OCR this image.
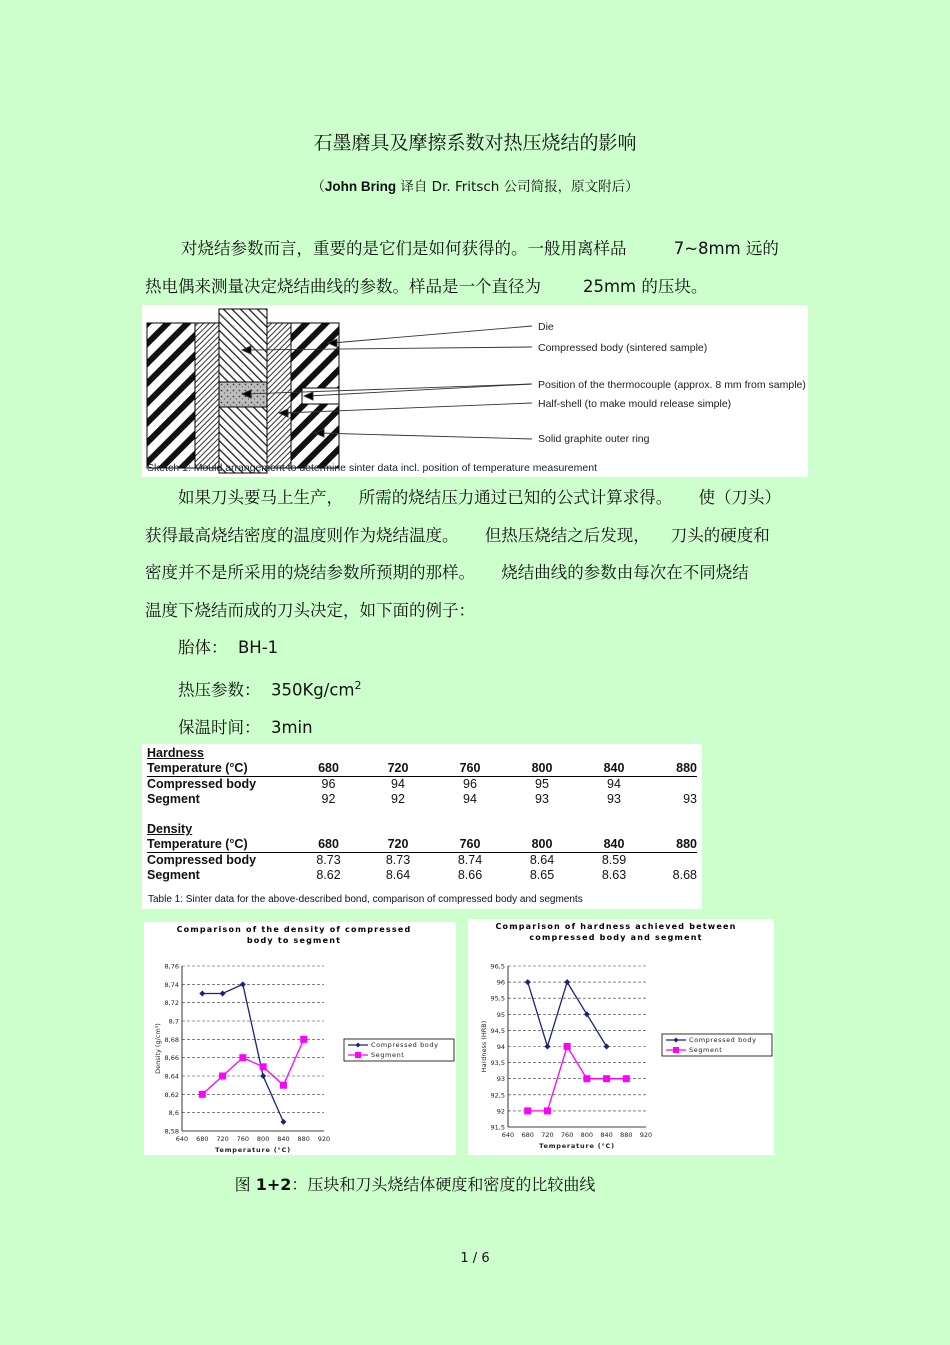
石墨磨具及摩擦系数对热压烧结的影响
（John Bring 译自 Dr. Fritsch 公司简报，原文附后）
对烧结参数而言，重要的是它们是如何获得的。一般用离样品         7~8mm 远的
热电偶来测量决定烧结曲线的参数。样品是一个直径为        25mm 的压块。
Die
Compressed body (sintered sample)
Position of the thermocouple (approx. 8 mm from sample)
Half-shell (to make mould release simple)
Solid graphite outer ring
Sketch 1: Mould arrangement to determine sinter data incl. position of temperature measurement
如果刀头要马上生产，   所需的烧结压力通过已知的公式计算求得。     使（刀头）
获得最高烧结密度的温度则作为烧结温度。     但热压烧结之后发现，    刀头的硬度和
密度并不是所采用的烧结参数所预期的那样。     烧结曲线的参数由每次在不同烧结
温度下烧结而成的刀头决定，如下面的例子：
胎体：  BH-1
热压参数：  $350Kg/cm^2$
保温时间：  3min
Hardness						
Temperature (°C)	680	720	760	800	840	880
Compressed body	96	94	96	95	94	
Segment	92	92	94	93	93	93

Density						
Temperature (°C)	680	720	760	800	840	880
Compressed body	8.73	8.73	8.74	8.64	8.59	
Segment	8.62	8.64	8.66	8.65	8.63	8.68
Table 1: Sinter data for the above-described bond, comparison of compressed body and segments
Comparison of the density of compressed
body to segment
8,58
8,6
8,62
8,64
8,66
8,68
8,7
8,72
8,74
8,76
640 680 720 760 800 840 880 920
Temperature (°C)
Density (g/cm³)	Compressed body
Segment
Comparison of hardness achieved between
compressed body and segment
91,5
92
92,5
93
93,5
94
94,5
95
95,5
96
96,5
640 680 720 760 800 840 880 920
Temperature (°C)
Hardness (HRB)	Compressed body
Segment
图 1+2：压块和刀头烧结体硬度和密度的比较曲线
1 / 6
